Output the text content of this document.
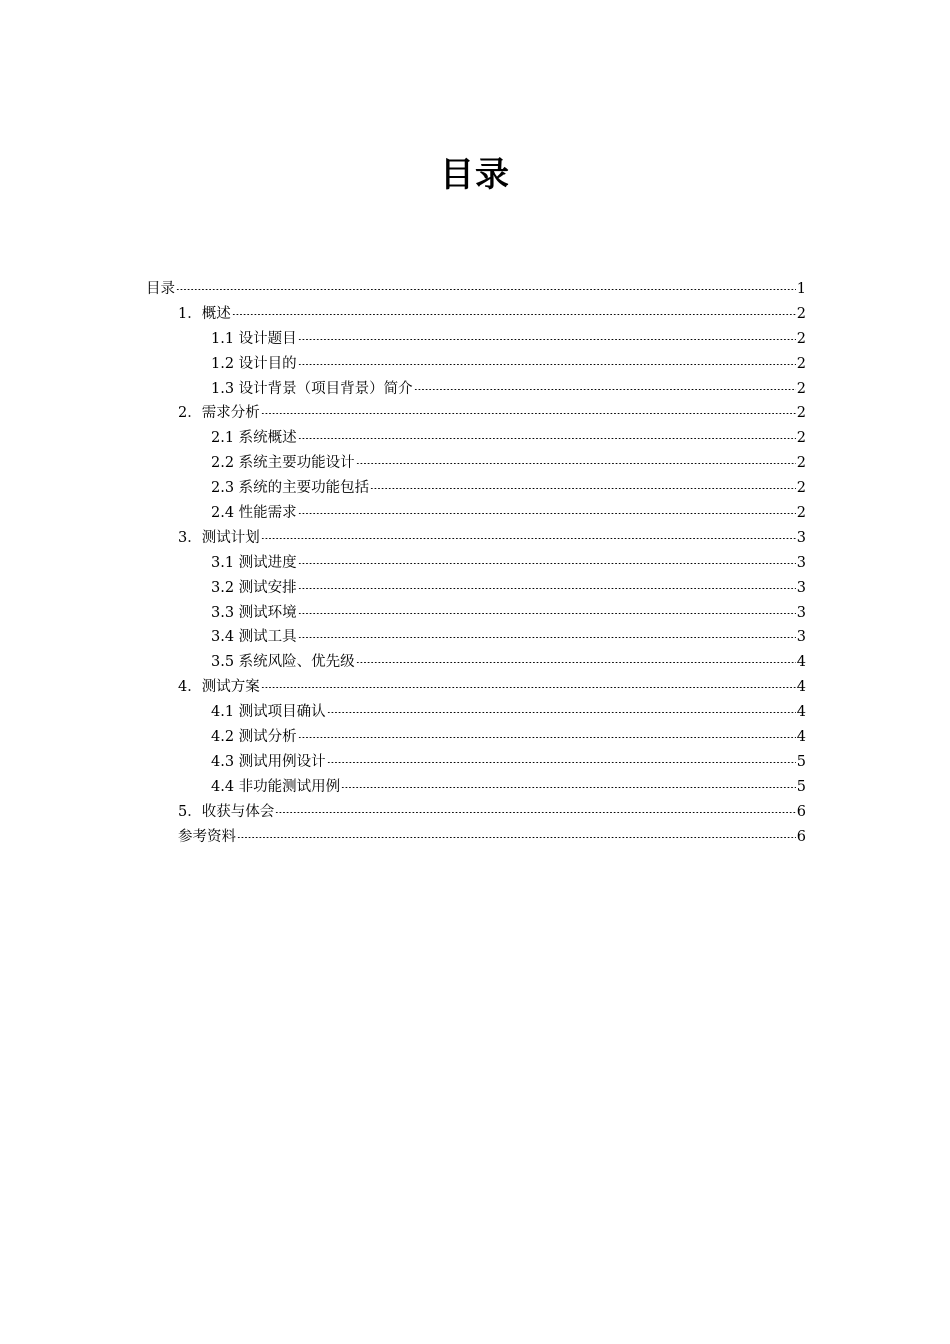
目录
目录	1
1．概述	2
1.1 设计题目	2
1.2 设计目的	2
1.3 设计背景（项目背景）简介	2
2．需求分析	2
2.1 系统概述	2
2.2 系统主要功能设计	2
2.3 系统的主要功能包括	2
2.4 性能需求	2
3．测试计划	3
3.1 测试进度	3
3.2 测试安排	3
3.3 测试环境	3
3.4 测试工具	3
3.5 系统风险、优先级	4
4．测试方案	4
4.1 测试项目确认	4
4.2 测试分析	4
4.3 测试用例设计	5
4.4 非功能测试用例	5
5．收获与体会	6
参考资料	6
